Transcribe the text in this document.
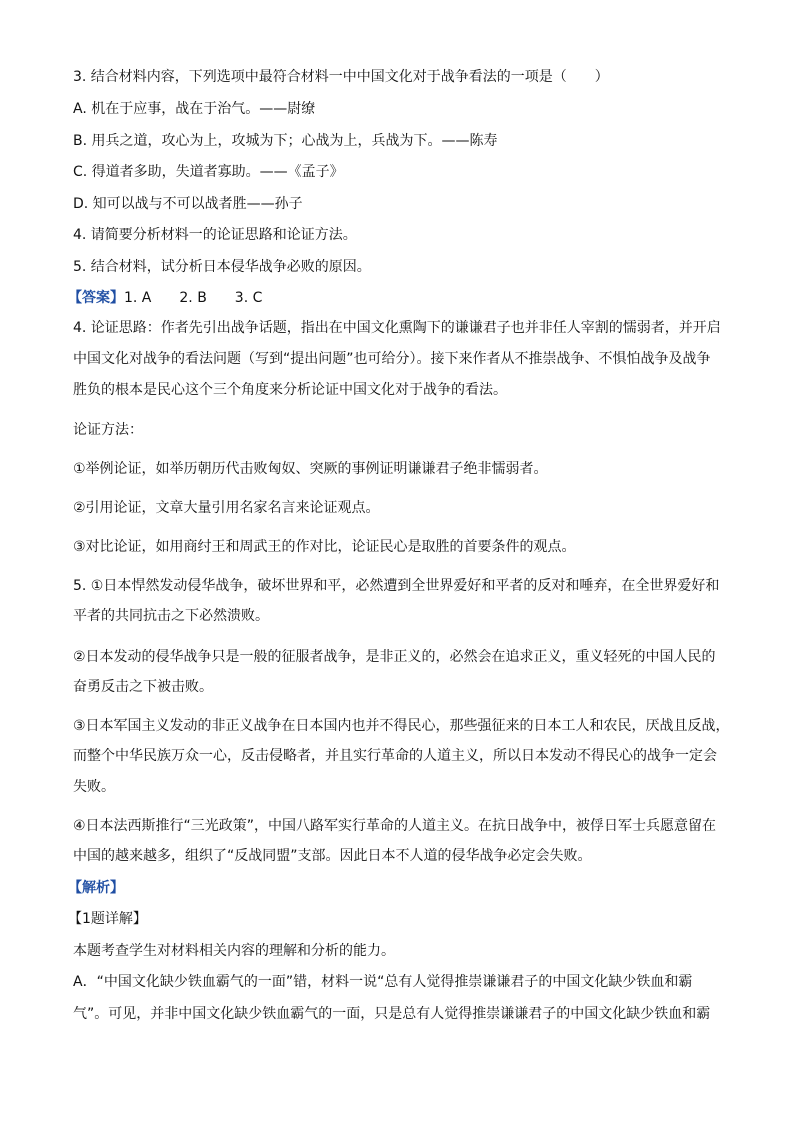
3. 结合材料内容，下列选项中最符合材料一中中国文化对于战争看法的一项是（　　）
A. 机在于应事，战在于治气。——尉缭
B. 用兵之道，攻心为上，攻城为下；心战为上，兵战为下。——陈寿
C. 得道者多助，失道者寡助。——《孟子》
D. 知可以战与不可以战者胜——孙子
4. 请简要分析材料一的论证思路和论证方法。
5. 结合材料，试分析日本侵华战争必败的原因。
【答案】1. A　　2. B　　3. C
4. 论证思路：作者先引出战争话题，指出在中国文化熏陶下的谦谦君子也并非任人宰割的懦弱者，并开启
中国文化对战争的看法问题（写到“提出问题”也可给分）。接下来作者从不推崇战争、不惧怕战争及战争
胜负的根本是民心这个三个角度来分析论证中国文化对于战争的看法。
论证方法：
①举例论证，如举历朝历代击败匈奴、突厥的事例证明谦谦君子绝非懦弱者。
②引用论证，文章大量引用名家名言来论证观点。
③对比论证，如用商纣王和周武王的作对比，论证民心是取胜的首要条件的观点。
5. ①日本悍然发动侵华战争，破坏世界和平，必然遭到全世界爱好和平者的反对和唾弃，在全世界爱好和
平者的共同抗击之下必然溃败。
②日本发动的侵华战争只是一般的征服者战争，是非正义的，必然会在追求正义，重义轻死的中国人民的
奋勇反击之下被击败。
③日本军国主义发动的非正义战争在日本国内也并不得民心，那些强征来的日本工人和农民，厌战且反战，
而整个中华民族万众一心，反击侵略者，并且实行革命的人道主义，所以日本发动不得民心的战争一定会
失败。
④日本法西斯推行“三光政策”，中国八路军实行革命的人道主义。在抗日战争中，被俘日军士兵愿意留在
中国的越来越多，组织了“反战同盟”支部。因此日本不人道的侵华战争必定会失败。
【解析】
【1题详解】
本题考查学生对材料相关内容的理解和分析的能力。
A．“中国文化缺少铁血霸气的一面”错，材料一说“总有人觉得推崇谦谦君子的中国文化缺少铁血和霸
气”。可见，并非中国文化缺少铁血霸气的一面，只是总有人觉得推崇谦谦君子的中国文化缺少铁血和霸
